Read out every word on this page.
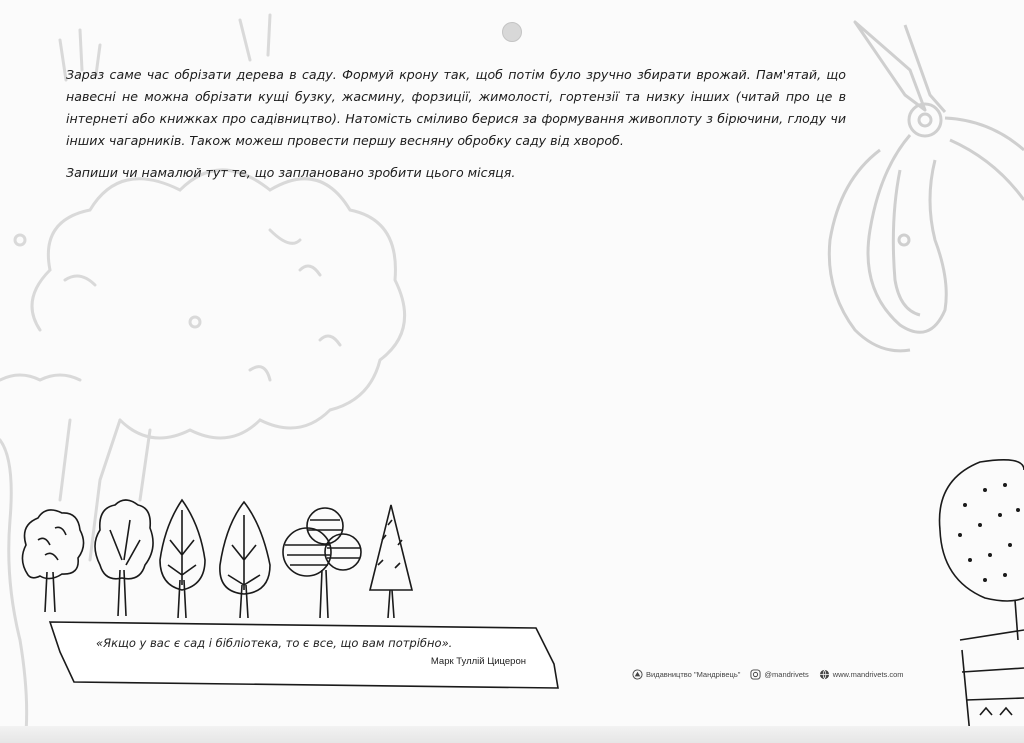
Зараз саме час обрізати дерева в саду. Формуй крону так, щоб потім було зручно збирати врожай. Пам'ятай, що навесні не можна обрізати кущі бузку, жасмину, форзиції, жимолості, гортензії та низку інших (читай про це в інтернеті або книжках про садівництво). Натомість сміливо берися за формування живоплоту з бірючини, глоду чи інших чагарників. Також можеш провести першу весняну обробку саду від хвороб.

Запиши чи намалюй тут те, що заплановано зробити цього місяця.

«Якщо у вас є сад і бібліотека, то є все, що вам потрібно».
Марк Туллій Цицерон
Видавництво "Мандрівець"	@mandrivets	www.mandrivets.com
